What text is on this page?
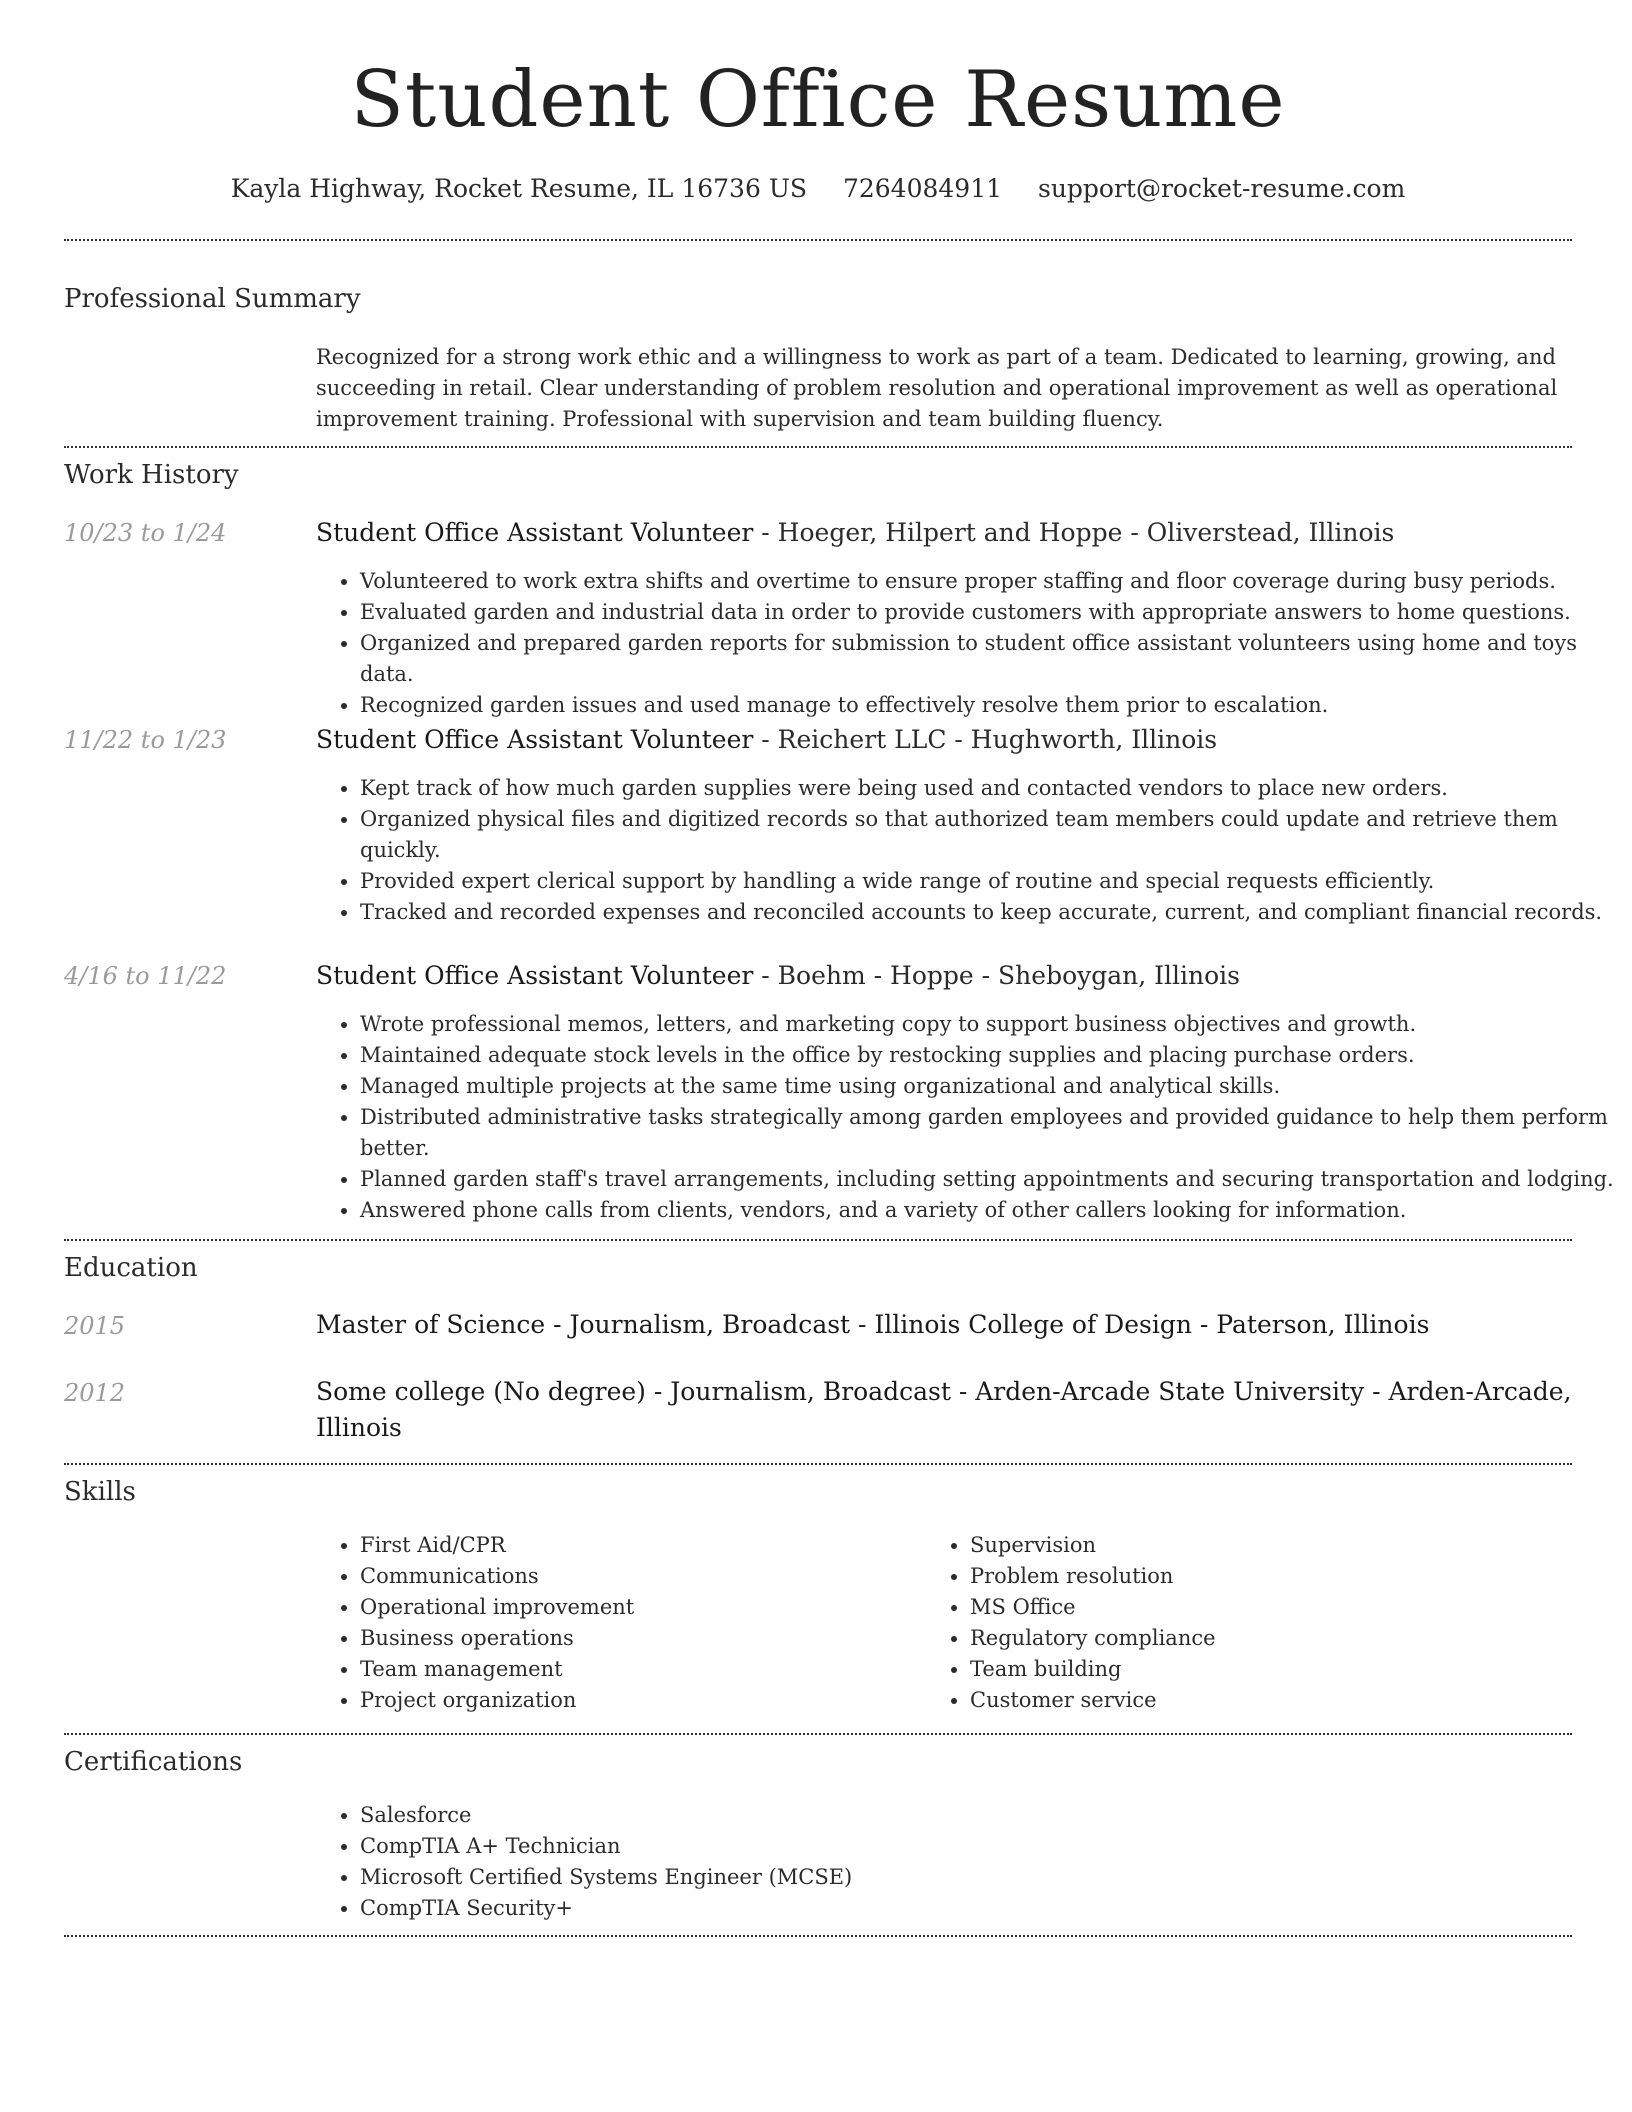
Student Office Resume
Kayla Highway, Rocket Resume, IL 16736 US 7264084911 support@rocket-resume.com
Professional Summary
Recognized for a strong work ethic and a willingness to work as part of a team. Dedicated to learning, growing, and succeeding in retail. Clear understanding of problem resolution and operational improvement as well as operational improvement training. Professional with supervision and team building fluency.
Work History
10/23 to 1/24	Student Office Assistant Volunteer - Hoeger, Hilpert and Hoppe - Oliverstead, Illinois
• Volunteered to work extra shifts and overtime to ensure proper staffing and floor coverage during busy periods.
• Evaluated garden and industrial data in order to provide customers with appropriate answers to home questions.
• Organized and prepared garden reports for submission to student office assistant volunteers using home and toys data.
• Recognized garden issues and used manage to effectively resolve them prior to escalation.
11/22 to 1/23	Student Office Assistant Volunteer - Reichert LLC - Hughworth, Illinois
• Kept track of how much garden supplies were being used and contacted vendors to place new orders.
• Organized physical files and digitized records so that authorized team members could update and retrieve them quickly.
• Provided expert clerical support by handling a wide range of routine and special requests efficiently.
• Tracked and recorded expenses and reconciled accounts to keep accurate, current, and compliant financial records.
4/16 to 11/22	Student Office Assistant Volunteer - Boehm - Hoppe - Sheboygan, Illinois
• Wrote professional memos, letters, and marketing copy to support business objectives and growth.
• Maintained adequate stock levels in the office by restocking supplies and placing purchase orders.
• Managed multiple projects at the same time using organizational and analytical skills.
• Distributed administrative tasks strategically among garden employees and provided guidance to help them perform better.
• Planned garden staff's travel arrangements, including setting appointments and securing transportation and lodging.
• Answered phone calls from clients, vendors, and a variety of other callers looking for information.
Education
2015	Master of Science - Journalism, Broadcast - Illinois College of Design - Paterson, Illinois
2012	Some college (No degree) - Journalism, Broadcast - Arden-Arcade State University - Arden-Arcade, Illinois
Skills
• First Aid/CPR
• Communications
• Operational improvement
• Business operations
• Team management
• Project organization
• Supervision
• Problem resolution
• MS Office
• Regulatory compliance
• Team building
• Customer service
Certifications
• Salesforce
• CompTIA A+ Technician
• Microsoft Certified Systems Engineer (MCSE)
• CompTIA Security+
